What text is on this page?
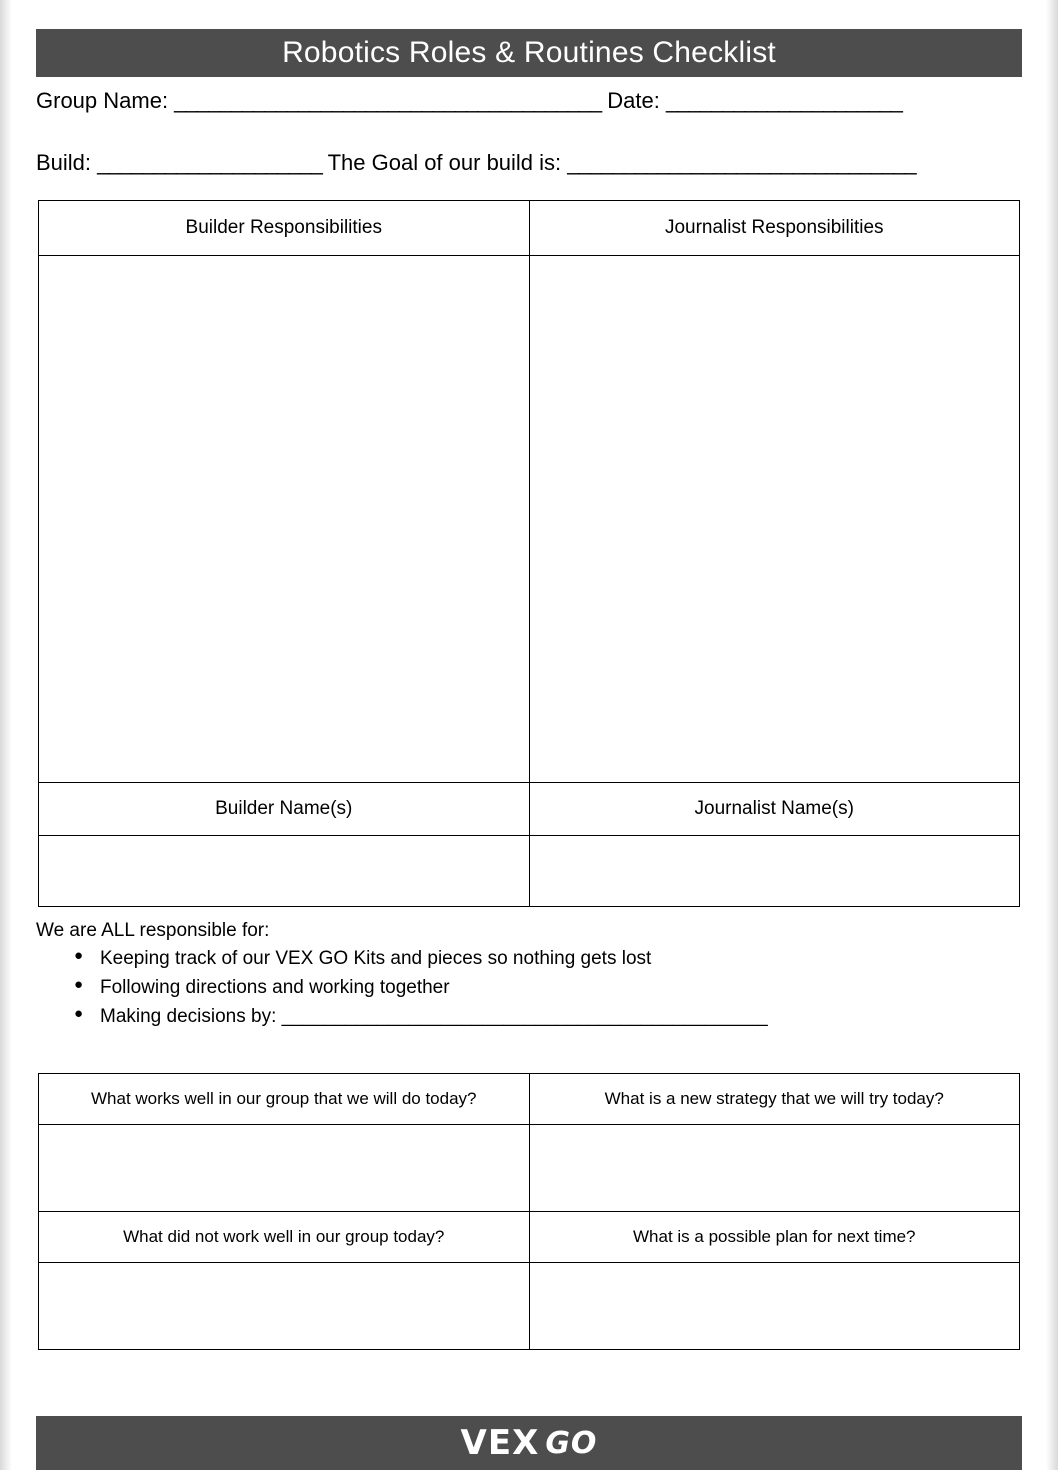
Robotics Roles & Routines Checklist
Group Name: ______________________________________ Date: _____________________
Build: ____________________ The Goal of our build is: _______________________________
Builder Responsibilities	Journalist Responsibilities

Builder Name(s)	Journalist Name(s)

We are ALL responsible for:
● Keeping track of our VEX GO Kits and pieces so nothing gets lost
● Following directions and working together
● Making decisions by: ______________________________________________
What works well in our group that we will do today?	What is a new strategy that we will try today?

What did not work well in our group today?	What is a possible plan for next time?

VEX GO
